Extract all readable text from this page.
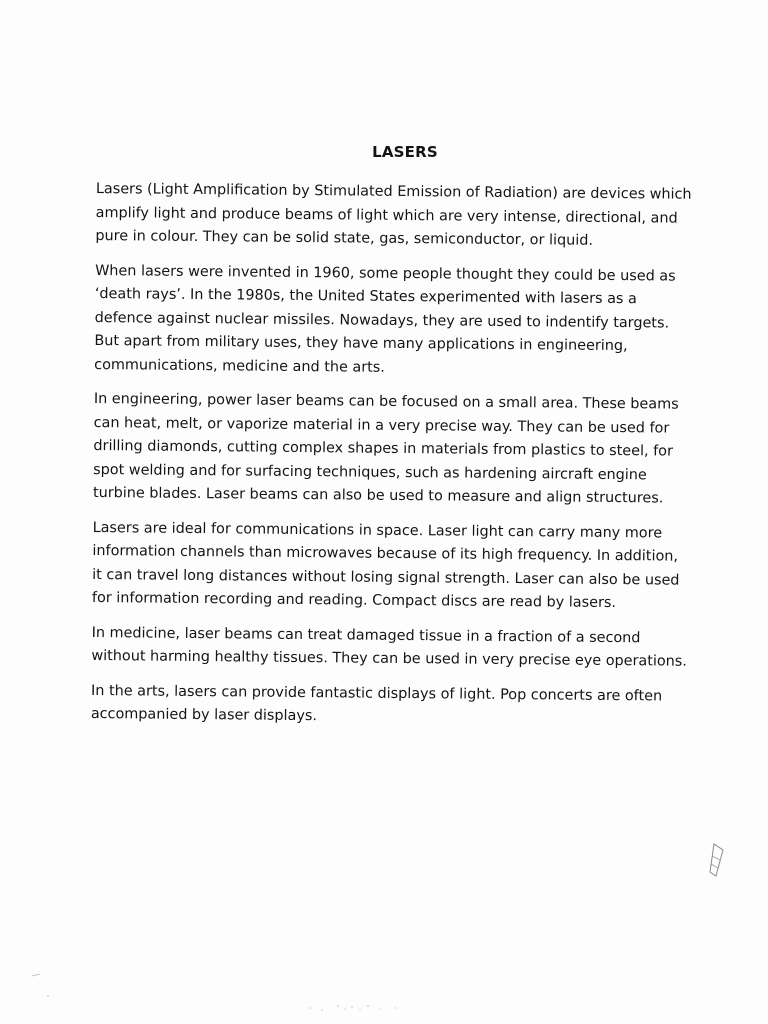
LASERS

Lasers (Light Amplification by Stimulated Emission of Radiation) are devices which
amplify light and produce beams of light which are very intense, directional, and
pure in colour. They can be solid state, gas, semiconductor, or liquid.

When lasers were invented in 1960, some people thought they could be used as
‘death rays’. In the 1980s, the United States experimented with lasers as a
defence against nuclear missiles. Nowadays, they are used to indentify targets.
But apart from military uses, they have many applications in engineering,
communications, medicine and the arts.

In engineering, power laser beams can be focused on a small area. These beams
can heat, melt, or vaporize material in a very precise way. They can be used for
drilling diamonds, cutting complex shapes in materials from plastics to steel, for
spot welding and for surfacing techniques, such as hardening aircraft engine
turbine blades. Laser beams can also be used to measure and align structures.

Lasers are ideal for communications in space. Laser light can carry many more
information channels than microwaves because of its high frequency. In addition,
it can travel long distances without losing signal strength. Laser can also be used
for information recording and reading. Compact discs are read by lasers.

In medicine, laser beams can treat damaged tissue in a fraction of a second
without harming healthy tissues. They can be used in very precise eye operations.

In the arts, lasers can provide fantastic displays of light. Pop concerts are often
accompanied by laser displays.
